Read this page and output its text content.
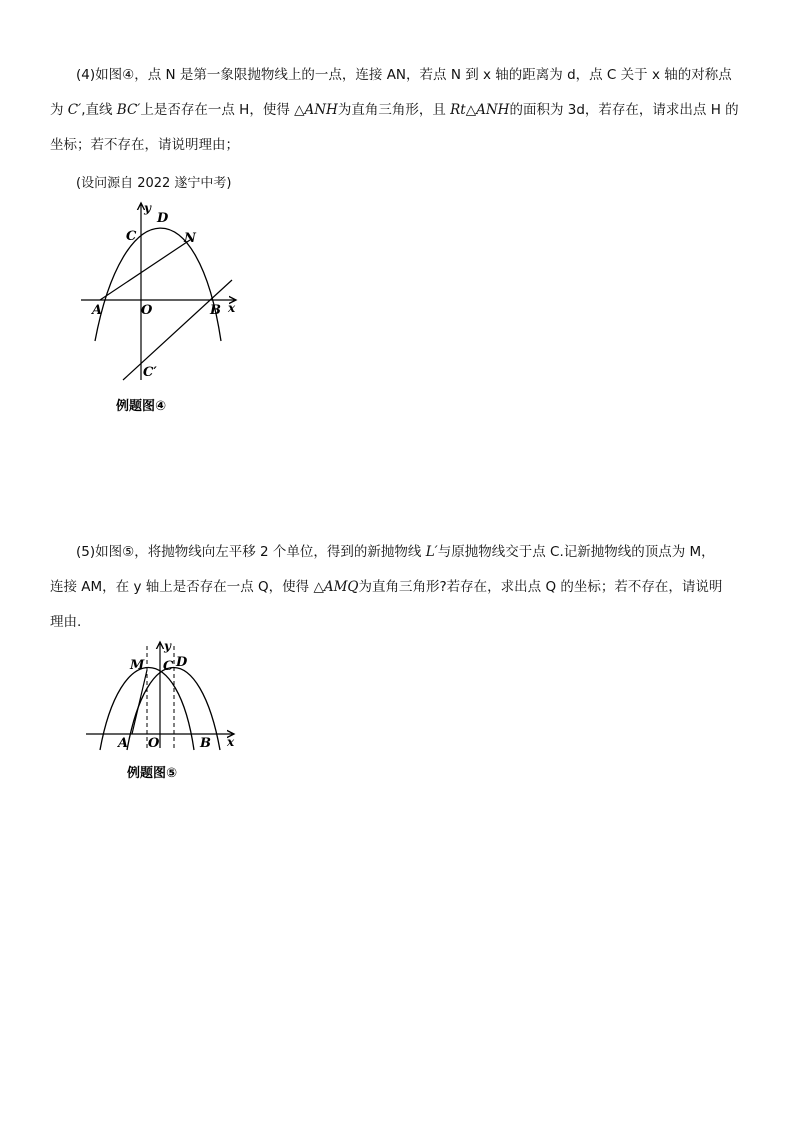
(4)如图④，点 N 是第一象限抛物线上的一点，连接 AN，若点 N 到 x 轴的距离为 d，点 C 关于 x 轴的对称点
为 C′,直线 BC′上是否存在一点 H，使得 △ANH为直角三角形，且 Rt△ANH的面积为 3d，若存在，请求出点 H 的
坐标；若不存在，请说明理由；
(设问源自 2022 遂宁中考)
y
D
C	N
A	O	B x
C′
例题图④
(5)如图⑤，将抛物线向左平移 2 个单位，得到的新抛物线 L′与原抛物线交于点 C.记新抛物线的顶点为 M，
连接 AM，在 y 轴上是否存在一点 Q，使得 △AMQ为直角三角形?若存在，求出点 Q 的坐标；若不存在，请说明
理由.
y
M C D
A O	B x
例题图⑤
